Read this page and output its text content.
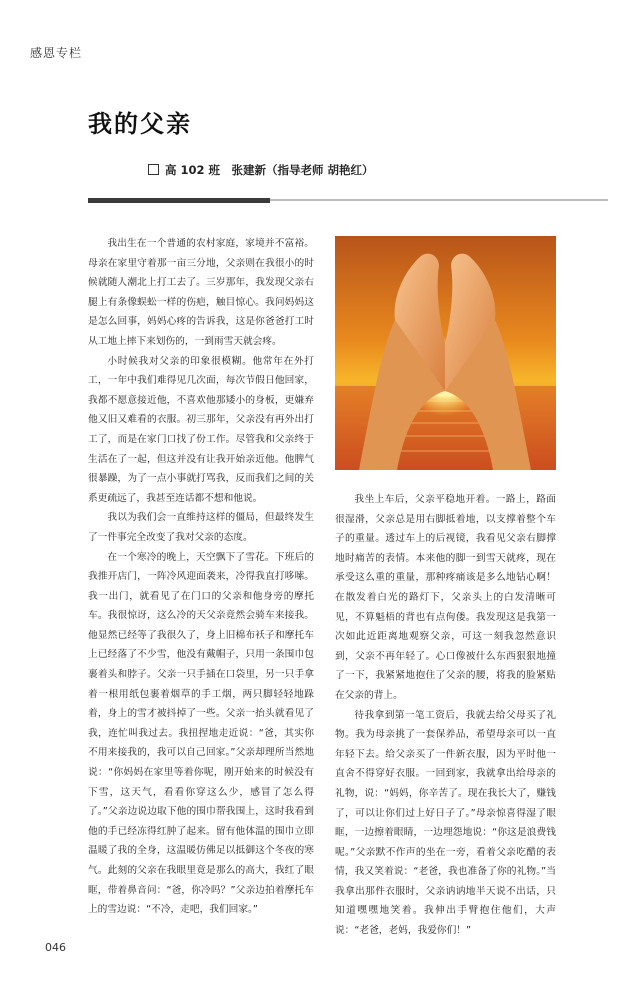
感恩专栏
我的父亲
高 102 班　张建新（指导老师 胡艳红）

我出生在一个普通的农村家庭，家境并不富裕。母亲在家里守着那一亩三分地，父亲则在我很小的时候就随人潮北上打工去了。三岁那年，我发现父亲右腿上有条像蜈蚣一样的伤疤，触目惊心。我问妈妈这是怎么回事，妈妈心疼的告诉我，这是你爸爸打工时从工地上摔下来划伤的，一到雨雪天就会疼。

小时候我对父亲的印象很模糊。他常年在外打工，一年中我们难得见几次面，每次节假日他回家，我都不愿意接近他，不喜欢他那矮小的身板，更嫌弃他又旧又难看的衣服。初三那年，父亲没有再外出打工了，而是在家门口找了份工作。尽管我和父亲终于生活在了一起，但这并没有让我开始亲近他。他脾气很暴躁，为了一点小事就打骂我，反而我们之间的关系更疏远了，我甚至连话都不想和他说。

我以为我们会一直维持这样的僵局，但最终发生了一件事完全改变了我对父亲的态度。

在一个寒冷的晚上，天空飘下了雪花。下班后的我推开店门，一阵冷风迎面袭来，冷得我直打哆嗦。我一出门，就看见了在门口的父亲和他身旁的摩托车。我很惊讶，这么冷的天父亲竟然会骑车来接我。他显然已经等了我很久了，身上旧棉布袄子和摩托车上已经落了不少雪，他没有戴帽子，只用一条围巾包裹着头和脖子。父亲一只手插在口袋里，另一只手拿着一根用纸包裹着烟草的手工烟，两只脚轻轻地跺着，身上的雪才被抖掉了一些。父亲一抬头就看见了我，连忙叫我过去。我扭捏地走近说：“爸，其实你不用来接我的，我可以自己回家。”父亲却理所当然地说：“你妈妈在家里等着你呢，刚开始来的时候没有下雪，这天气，看看你穿这么少，感冒了怎么得了。”父亲边说边取下他的围巾帮我围上，这时我看到他的手已经冻得红肿了起来。留有他体温的围巾立即温暖了我的全身，这温暖仿佛足以抵御这个冬夜的寒气。此刻的父亲在我眼里竟是那么的高大，我红了眼眶，带着鼻音问：“爸，你冷吗？”父亲边拍着摩托车上的雪边说：“不冷，走吧，我们回家。”

我坐上车后，父亲平稳地开着。一路上，路面很湿滑，父亲总是用右脚抵着地，以支撑着整个车子的重量。透过车上的后视镜，我看见父亲右脚撑地时痛苦的表情。本来他的脚一到雪天就疼，现在承受这么重的重量，那种疼痛该是多么地钻心啊！在散发着白光的路灯下，父亲头上的白发清晰可见，不算魁梧的背也有点佝偻。我发现这是我第一次如此近距离地观察父亲，可这一刻我忽然意识到，父亲不再年轻了。心口像被什么东西狠狠地撞了一下，我紧紧地抱住了父亲的腰，将我的脸紧贴在父亲的背上。

待我拿到第一笔工资后，我就去给父母买了礼物。我为母亲挑了一套保养品，希望母亲可以一直年轻下去。给父亲买了一件新衣服，因为平时他一直舍不得穿好衣服。一回到家，我就拿出给母亲的礼物，说：“妈妈，你辛苦了。现在我长大了，赚钱了，可以让你们过上好日子了。”母亲惊喜得湿了眼眶，一边擦着眼睛，一边埋怨地说：“你这是浪费钱呢。”父亲默不作声的坐在一旁，看着父亲吃醋的表情，我又笑着说：“老爸，我也准备了你的礼物。”当我拿出那件衣服时，父亲讷讷地半天说不出话，只知道嘿嘿地笑着。我伸出手臂抱住他们，大声说：“老爸，老妈，我爱你们！”

046
